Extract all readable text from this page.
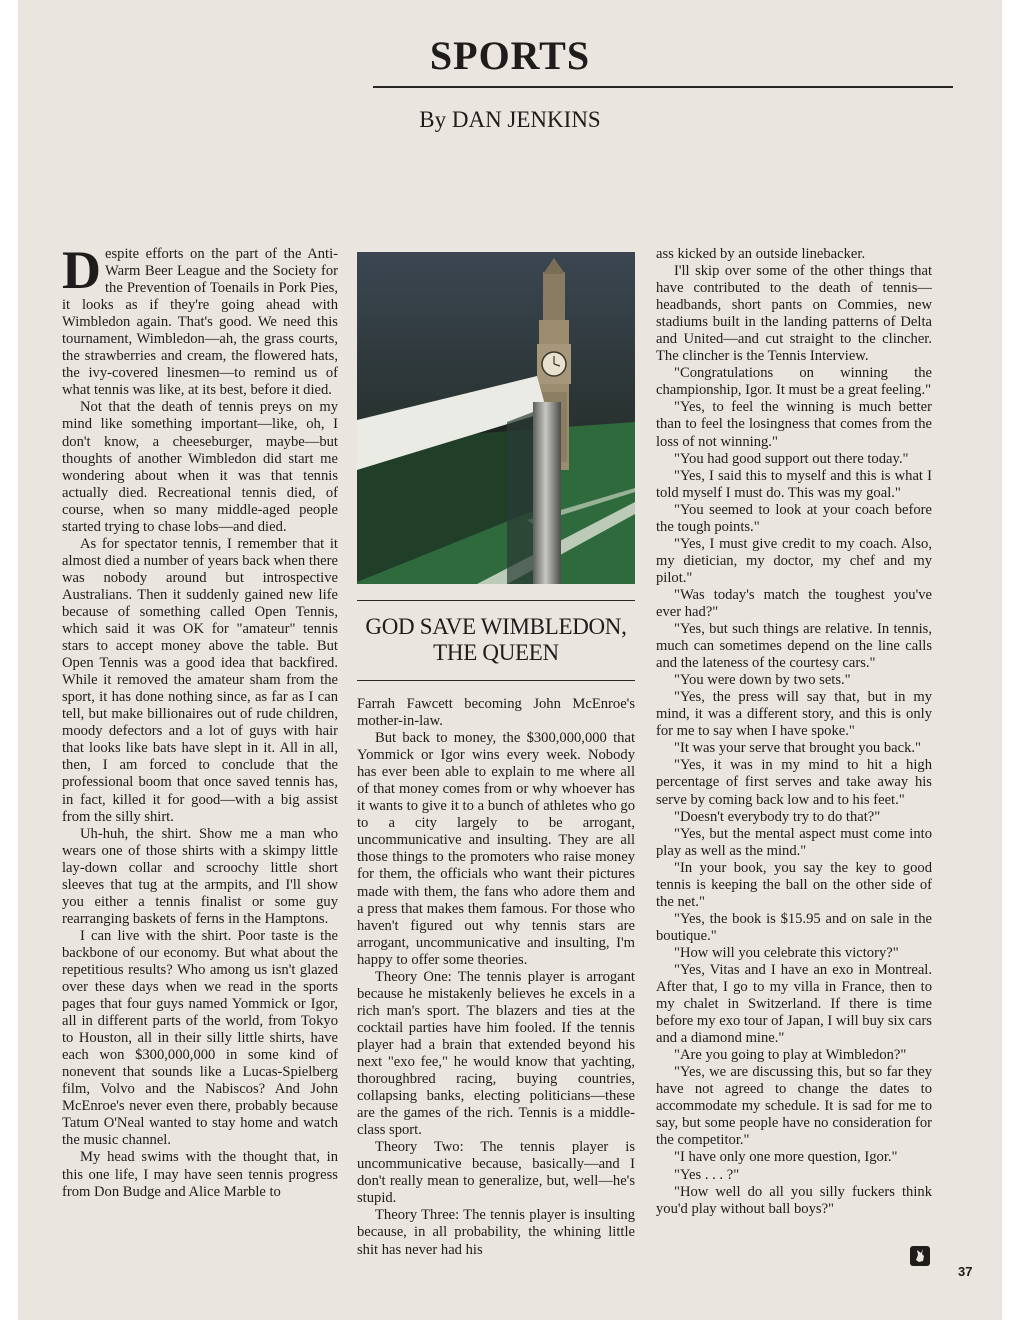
SPORTS
By DAN JENKINS

Despite efforts on the part of the Anti-Warm Beer League and the Society for the Prevention of Toenails in Pork Pies, it looks as if they're going ahead with Wimbledon again. That's good. We need this tournament, Wimbledon—ah, the grass courts, the strawberries and cream, the flowered hats, the ivy-covered linesmen—to remind us of what tennis was like, at its best, before it died.

Not that the death of tennis preys on my mind like something important—like, oh, I don't know, a cheeseburger, maybe—but thoughts of another Wimbledon did start me wondering about when it was that tennis actually died. Recreational tennis died, of course, when so many middle-aged people started trying to chase lobs—and died.

As for spectator tennis, I remember that it almost died a number of years back when there was nobody around but introspective Australians. Then it suddenly gained new life because of something called Open Tennis, which said it was OK for "amateur" tennis stars to accept money above the table. But Open Tennis was a good idea that backfired. While it removed the amateur sham from the sport, it has done nothing since, as far as I can tell, but make billionaires out of rude children, moody defectors and a lot of guys with hair that looks like bats have slept in it. All in all, then, I am forced to conclude that the professional boom that once saved tennis has, in fact, killed it for good—with a big assist from the silly shirt.

Uh-huh, the shirt. Show me a man who wears one of those shirts with a skimpy little lay-down collar and scroochy little short sleeves that tug at the armpits, and I'll show you either a tennis finalist or some guy rearranging baskets of ferns in the Hamptons.

I can live with the shirt. Poor taste is the backbone of our economy. But what about the repetitious results? Who among us isn't glazed over these days when we read in the sports pages that four guys named Yommick or Igor, all in different parts of the world, from Tokyo to Houston, all in their silly little shirts, have each won $300,000,000 in some kind of nonevent that sounds like a Lucas-Spielberg film, Volvo and the Nabiscos? And John McEnroe's never even there, probably because Tatum O'Neal wanted to stay home and watch the music channel.

My head swims with the thought that, in this one life, I may have seen tennis progress from Don Budge and Alice Marble to

GOD SAVE WIMBLEDON,
THE QUEEN

Farrah Fawcett becoming John McEnroe's mother-in-law.

But back to money, the $300,000,000 that Yommick or Igor wins every week. Nobody has ever been able to explain to me where all of that money comes from or why whoever has it wants to give it to a bunch of athletes who go to a city largely to be arrogant, uncommunicative and insulting. They are all those things to the promoters who raise money for them, the officials who want their pictures made with them, the fans who adore them and a press that makes them famous. For those who haven't figured out why tennis stars are arrogant, uncommunicative and insulting, I'm happy to offer some theories.

Theory One: The tennis player is arrogant because he mistakenly believes he excels in a rich man's sport. The blazers and ties at the cocktail parties have him fooled. If the tennis player had a brain that extended beyond his next "exo fee," he would know that yachting, thoroughbred racing, buying countries, collapsing banks, electing politicians—these are the games of the rich. Tennis is a middle-class sport.

Theory Two: The tennis player is uncommunicative because, basically—and I don't really mean to generalize, but, well—he's stupid.

Theory Three: The tennis player is insulting because, in all probability, the whining little shit has never had his

ass kicked by an outside linebacker.

I'll skip over some of the other things that have contributed to the death of tennis—headbands, short pants on Commies, new stadiums built in the landing patterns of Delta and United—and cut straight to the clincher. The clincher is the Tennis Interview.

"Congratulations on winning the championship, Igor. It must be a great feeling."

"Yes, to feel the winning is much better than to feel the losingness that comes from the loss of not winning."

"You had good support out there today."

"Yes, I said this to myself and this is what I told myself I must do. This was my goal."

"You seemed to look at your coach before the tough points."

"Yes, I must give credit to my coach. Also, my dietician, my doctor, my chef and my pilot."

"Was today's match the toughest you've ever had?"

"Yes, but such things are relative. In tennis, much can sometimes depend on the line calls and the lateness of the courtesy cars."

"You were down by two sets."

"Yes, the press will say that, but in my mind, it was a different story, and this is only for me to say when I have spoke."

"It was your serve that brought you back."

"Yes, it was in my mind to hit a high percentage of first serves and take away his serve by coming back low and to his feet."

"Doesn't everybody try to do that?"

"Yes, but the mental aspect must come into play as well as the mind."

"In your book, you say the key to good tennis is keeping the ball on the other side of the net."

"Yes, the book is $15.95 and on sale in the boutique."

"How will you celebrate this victory?"

"Yes, Vitas and I have an exo in Montreal. After that, I go to my villa in France, then to my chalet in Switzerland. If there is time before my exo tour of Japan, I will buy six cars and a diamond mine."

"Are you going to play at Wimbledon?"

"Yes, we are discussing this, but so far they have not agreed to change the dates to accommodate my schedule. It is sad for me to say, but some people have no consideration for the competitor."

"I have only one more question, Igor."

"Yes . . . ?"

"How well do all you silly fuckers think you'd play without ball boys?"

37
